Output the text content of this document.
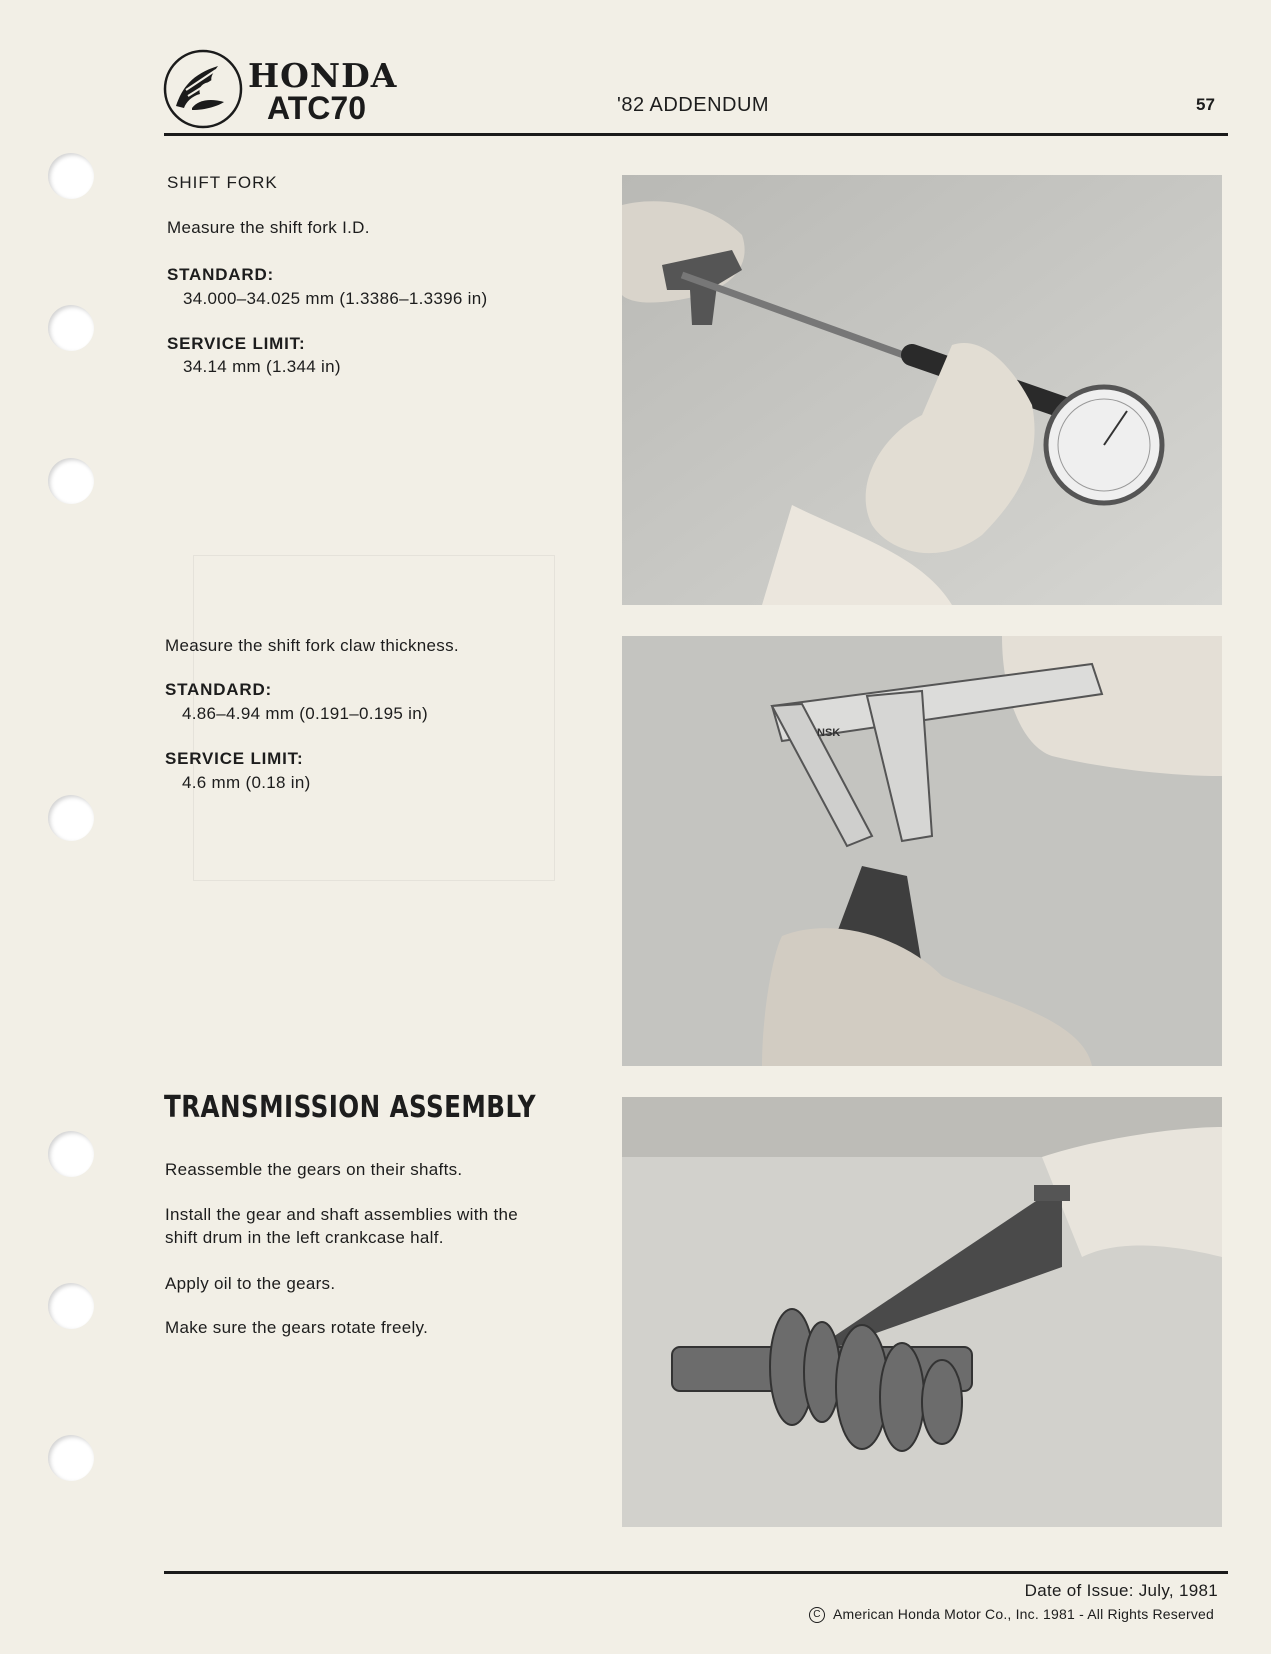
HONDA
ATC70	'82 ADDENDUM	57
SHIFT FORK
Measure the shift fork I.D.
STANDARD:
34.000–34.025 mm (1.3386–1.3396 in)
SERVICE LIMIT:
34.14 mm (1.344 in)
Measure the shift fork claw thickness.
STANDARD:
4.86–4.94 mm (0.191–0.195 in)
SERVICE LIMIT:
4.6 mm (0.18 in)
TRANSMISSION ASSEMBLY
Reassemble the gears on their shafts.
Install the gear and shaft assemblies with the
shift drum in the left crankcase half.
Apply oil to the gears.
Make sure the gears rotate freely.
NSK
Date of Issue: July, 1981
C American Honda Motor Co., Inc. 1981 - All Rights Reserved
